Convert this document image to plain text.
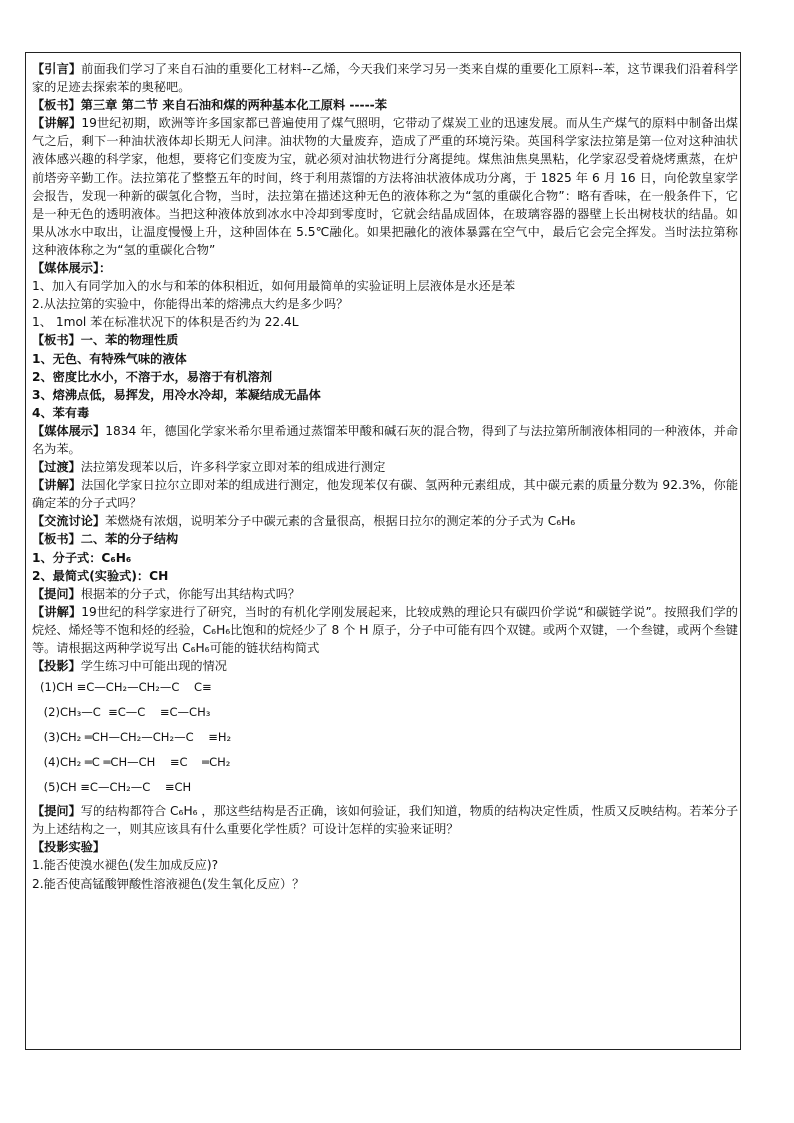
【引言】前面我们学习了来自石油的重要化工材料--乙烯，今天我们来学习另一类来自煤的重要化工原料--苯，这节课我们沿着科学家的足迹去探索苯的奥秘吧。

【板书】第三章 第二节 来自石油和煤的两种基本化工原料 -----苯

【讲解】19世纪初期，欧洲等许多国家都已普遍使用了煤气照明，它带动了煤炭工业的迅速发展。而从生产煤气的原料中制备出煤气之后，剩下一种油状液体却长期无人问津。油状物的大量废弃，造成了严重的环境污染。英国科学家法拉第是第一位对这种油状液体感兴趣的科学家，他想，要将它们变废为宝，就必须对油状物进行分离提纯。煤焦油焦臭黑粘，化学家忍受着烧烤熏蒸，在炉前塔旁辛勤工作。法拉第花了整整五年的时间，终于利用蒸馏的方法将油状液体成功分离，于 1825 年 6 月 16 日，向伦敦皇家学会报告，发现一种新的碳氢化合物，当时，法拉第在描述这种无色的液体称之为“氢的重碳化合物”：略有香味，在一般条件下，它是一种无色的透明液体。当把这种液体放到冰水中冷却到零度时，它就会结晶成固体，在玻璃容器的器壁上长出树枝状的结晶。如果从冰水中取出，让温度慢慢上升，这种固体在 5.5℃融化。如果把融化的液体暴露在空气中，最后它会完全挥发。当时法拉第称这种液体称之为“氢的重碳化合物”

【媒体展示】：

1、加入有同学加入的水与和苯的体积相近，如何用最简单的实验证明上层液体是水还是苯

2.从法拉第的实验中，你能得出苯的熔沸点大约是多少吗？

1、 1mol 苯在标准状况下的体积是否约为 22.4L

【板书】一、苯的物理性质

1、无色、有特殊气味的液体

2、密度比水小，不溶于水，易溶于有机溶剂

3、熔沸点低，易挥发，用冷水冷却，苯凝结成无晶体

4、苯有毒

【媒体展示】1834 年，德国化学家米希尔里希通过蒸馏苯甲酸和碱石灰的混合物，得到了与法拉第所制液体相同的一种液体，并命名为苯。

【过渡】法拉第发现苯以后，许多科学家立即对苯的组成进行测定

【讲解】法国化学家日拉尔立即对苯的组成进行测定，他发现苯仅有碳、氢两种元素组成，其中碳元素的质量分数为 92.3%，你能确定苯的分子式吗？

【交流讨论】苯燃烧有浓烟，说明苯分子中碳元素的含量很高，根据日拉尔的测定苯的分子式为 C₆H₆

【板书】二、苯的分子结构

1、分子式：C₆H₆

2、最简式(实验式)：CH

【提问】根据苯的分子式，你能写出其结构式吗？

【讲解】19世纪的科学家进行了研究，当时的有机化学刚发展起来，比较成熟的理论只有碳四价学说“和碳链学说”。按照我们学的烷烃、烯烃等不饱和烃的经验，C₆H₆比饱和的烷烃少了 8 个 H 原子，分子中可能有四个双键。或两个双键，一个叁键，或两个叁键等。请根据这两种学说写出 C₆H₆可能的链状结构简式

【投影】学生练习中可能出现的情况

(1)CH ≡C—CH₂—CH₂—C    C≡

(2)CH₃—C  ≡C—C    ≡C—CH₃

(3)CH₂ ═CH—CH₂—CH₂—C    ≡H₂

(4)CH₂ ═C ═CH—CH    ≡C    ═CH₂

(5)CH ≡C—CH₂—C    ≡CH

【提问】写的结构都符合 C₆H₆ ，那这些结构是否正确，该如何验证，我们知道，物质的结构决定性质，性质又反映结构。若苯分子为上述结构之一，则其应该具有什么重要化学性质？可设计怎样的实验来证明？

【投影实验】

1.能否使溴水褪色(发生加成反应)?

2.能否使高锰酸钾酸性溶液褪色(发生氧化反应）？
